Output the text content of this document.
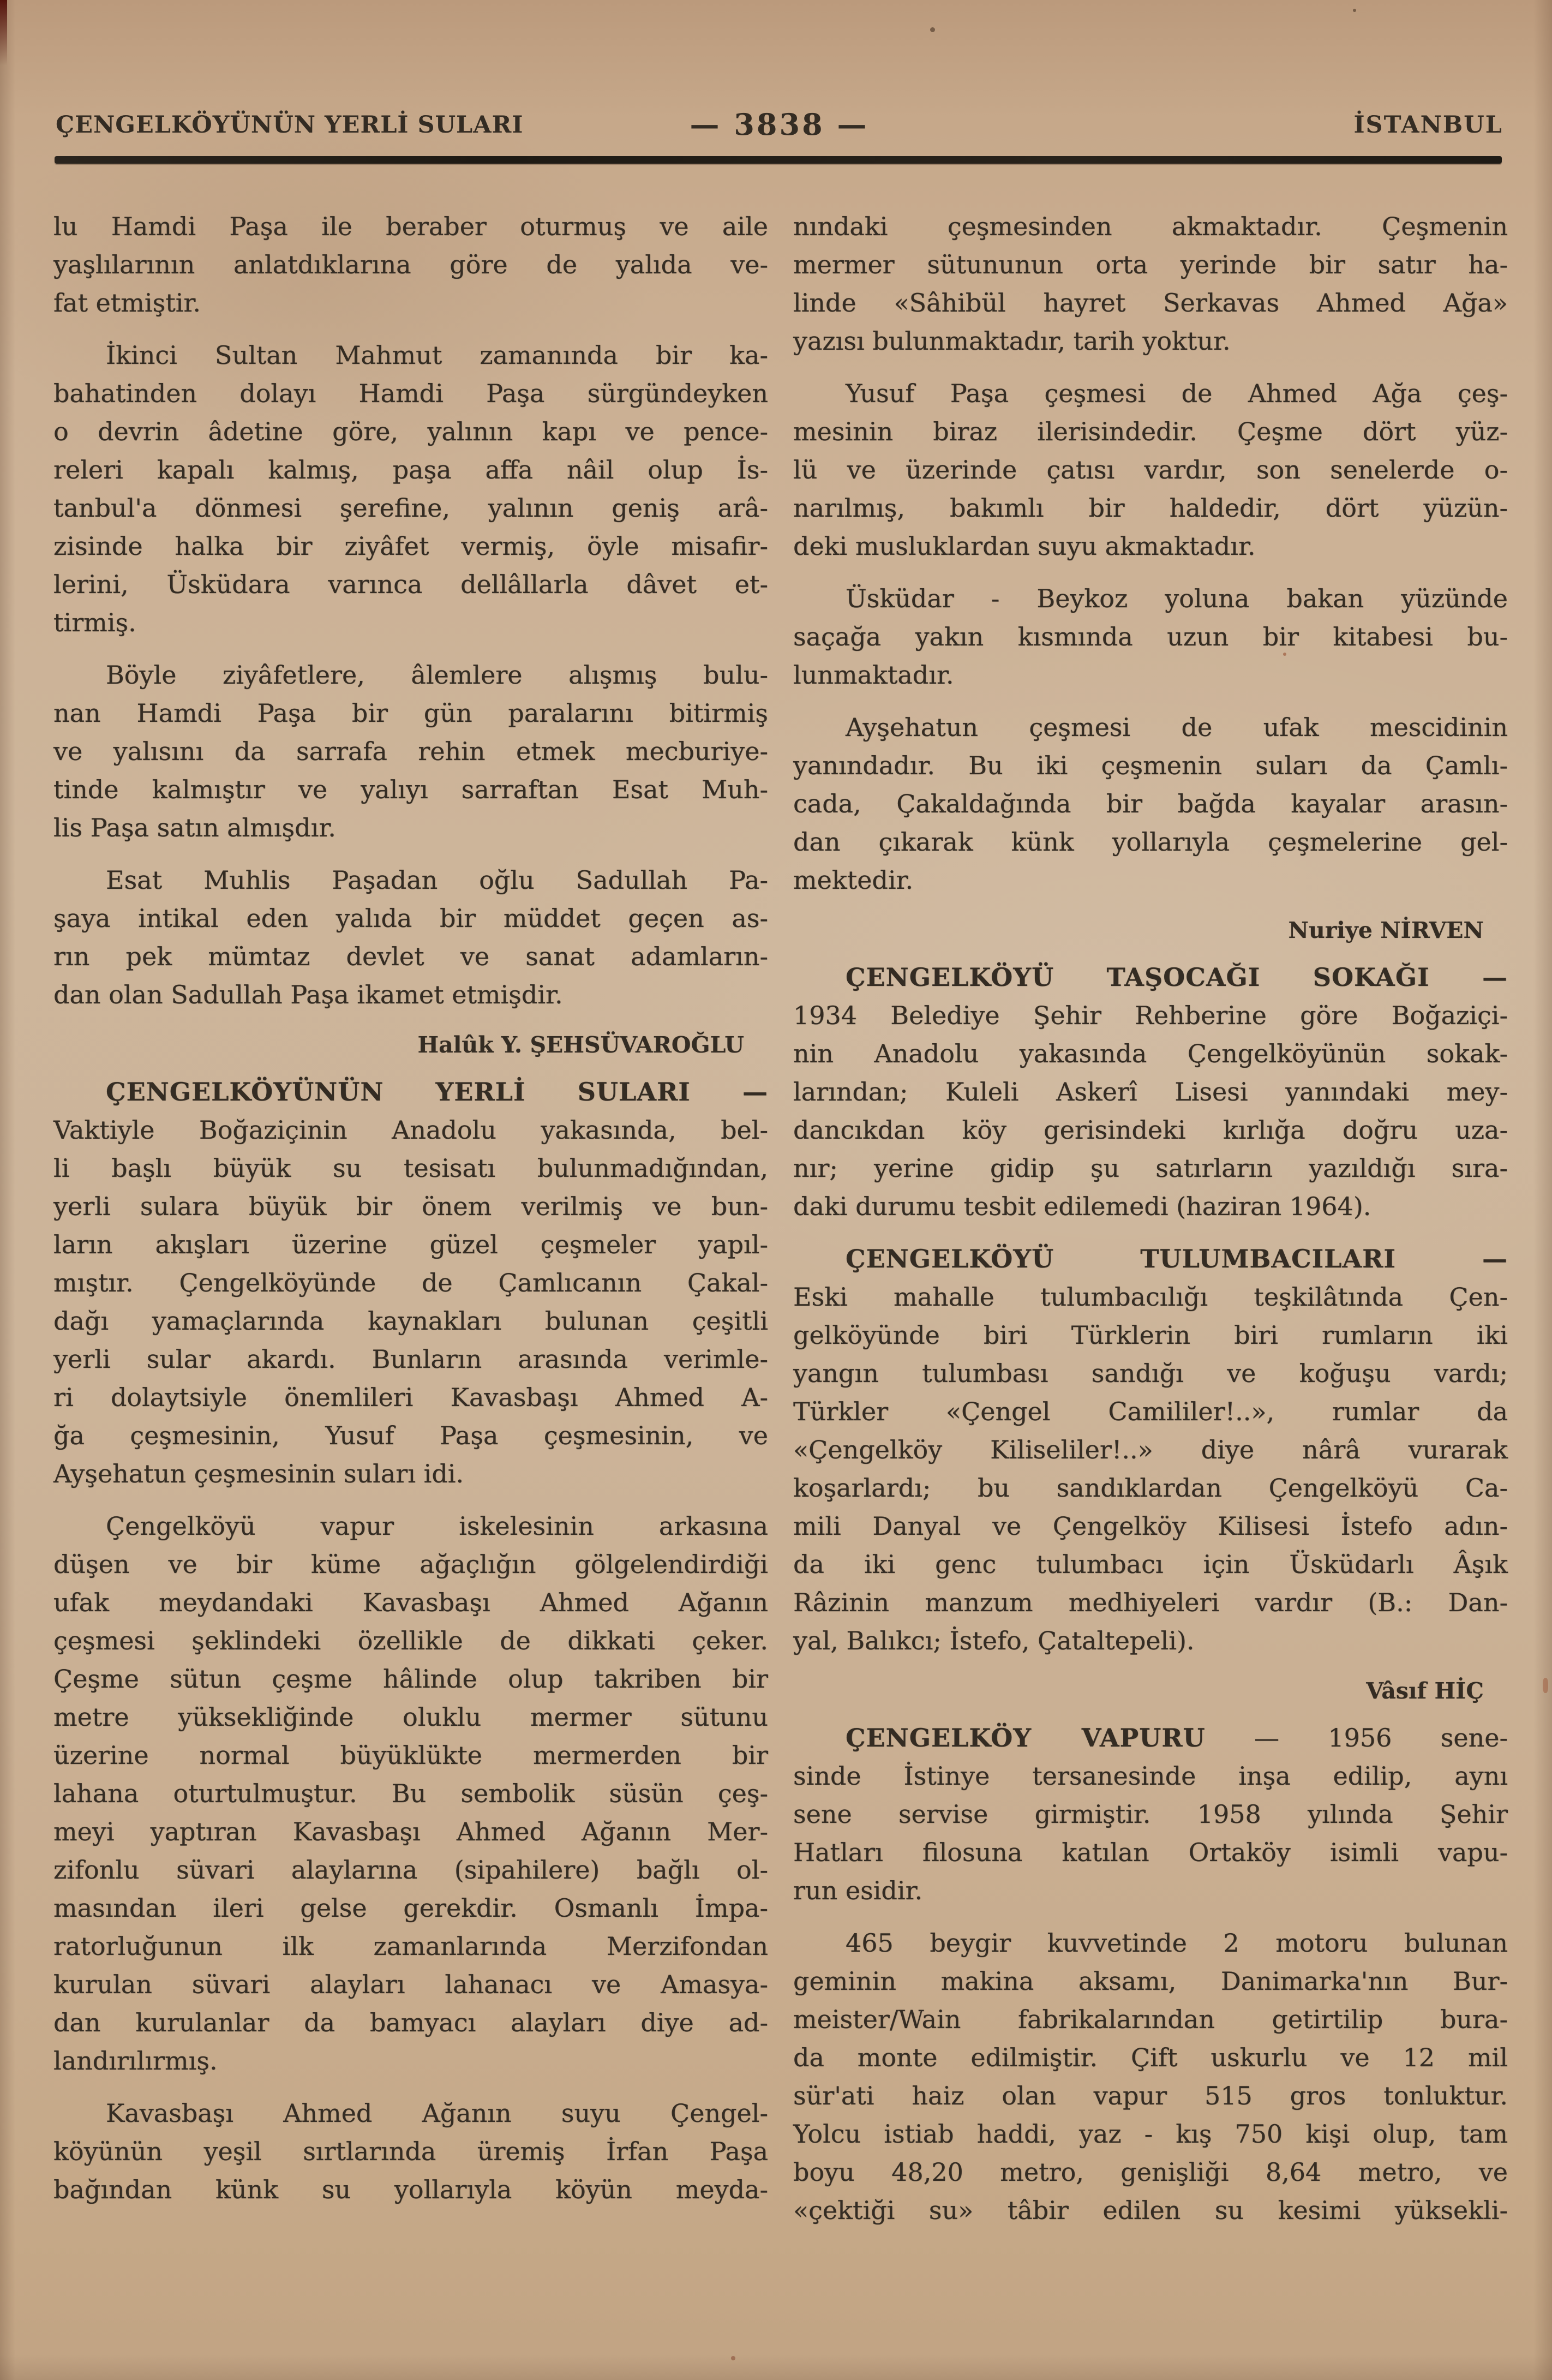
ÇENGELKÖYÜNÜN YERLİ SULARI	— 3838 —	İSTANBUL
lu Hamdi Paşa ile beraber oturmuş ve aile
yaşlılarının anlatdıklarına göre de yalıda ve-
fat etmiştir.
İkinci Sultan Mahmut zamanında bir ka-
bahatinden dolayı Hamdi Paşa sürgündeyken
o devrin âdetine göre, yalının kapı ve pence-
releri kapalı kalmış, paşa affa nâil olup İs-
tanbul'a dönmesi şerefine, yalının geniş arâ-
zisinde halka bir ziyâfet vermiş, öyle misafir-
lerini, Üsküdara varınca dellâllarla dâvet et-
tirmiş.
Böyle ziyâfetlere, âlemlere alışmış bulu-
nan Hamdi Paşa bir gün paralarını bitirmiş
ve yalısını da sarrafa rehin etmek mecburiye-
tinde kalmıştır ve yalıyı sarraftan Esat Muh-
lis Paşa satın almışdır.
Esat Muhlis Paşadan oğlu Sadullah Pa-
şaya intikal eden yalıda bir müddet geçen as-
rın pek mümtaz devlet ve sanat adamların-
dan olan Sadullah Paşa ikamet etmişdir.
Halûk Y. ŞEHSÜVAROĞLU
ÇENGELKÖYÜNÜN YERLİ SULARI —
Vaktiyle Boğaziçinin Anadolu yakasında, bel-
li başlı büyük su tesisatı bulunmadığından,
yerli sulara büyük bir önem verilmiş ve bun-
ların akışları üzerine güzel çeşmeler yapıl-
mıştır. Çengelköyünde de Çamlıcanın Çakal-
dağı yamaçlarında kaynakları bulunan çeşitli
yerli sular akardı. Bunların arasında verimle-
ri dolaytsiyle önemlileri Kavasbaşı Ahmed A-
ğa çeşmesinin, Yusuf Paşa çeşmesinin, ve
Ayşehatun çeşmesinin suları idi.
Çengelköyü vapur iskelesinin arkasına
düşen ve bir küme ağaçlığın gölgelendirdiği
ufak meydandaki Kavasbaşı Ahmed Ağanın
çeşmesi şeklindeki özellikle de dikkati çeker.
Çeşme sütun çeşme hâlinde olup takriben bir
metre yüksekliğinde oluklu mermer sütunu
üzerine normal büyüklükte mermerden bir
lahana oturtulmuştur. Bu sembolik süsün çeş-
meyi yaptıran Kavasbaşı Ahmed Ağanın Mer-
zifonlu süvari alaylarına (sipahilere) bağlı ol-
masından ileri gelse gerekdir. Osmanlı İmpa-
ratorluğunun ilk zamanlarında Merzifondan
kurulan süvari alayları lahanacı ve Amasya-
dan kurulanlar da bamyacı alayları diye ad-
landırılırmış.
Kavasbaşı Ahmed Ağanın suyu Çengel-
köyünün yeşil sırtlarında üremiş İrfan Paşa
bağından künk su yollarıyla köyün meyda-
nındaki çeşmesinden akmaktadır. Çeşmenin
mermer sütununun orta yerinde bir satır ha-
linde «Sâhibül hayret Serkavas Ahmed Ağa»
yazısı bulunmaktadır, tarih yoktur.
Yusuf Paşa çeşmesi de Ahmed Ağa çeş-
mesinin biraz ilerisindedir. Çeşme dört yüz-
lü ve üzerinde çatısı vardır, son senelerde o-
narılmış, bakımlı bir haldedir, dört yüzün-
deki musluklardan suyu akmaktadır.
Üsküdar - Beykoz yoluna bakan yüzünde
saçağa yakın kısmında uzun bir kitabesi bu-
lunmaktadır.
Ayşehatun çeşmesi de ufak mescidinin
yanındadır. Bu iki çeşmenin suları da Çamlı-
cada, Çakaldağında bir bağda kayalar arasın-
dan çıkarak künk yollarıyla çeşmelerine gel-
mektedir.
Nuriye NİRVEN
ÇENGELKÖYÜ TAŞOCAĞI SOKAĞI —
1934 Belediye Şehir Rehberine göre Boğaziçi-
nin Anadolu yakasında Çengelköyünün sokak-
larından; Kuleli Askerî Lisesi yanındaki mey-
dancıkdan köy gerisindeki kırlığa doğru uza-
nır; yerine gidip şu satırların yazıldığı sıra-
daki durumu tesbit edilemedi (haziran 1964).
ÇENGELKÖYÜ TULUMBACILARI —
Eski mahalle tulumbacılığı teşkilâtında Çen-
gelköyünde biri Türklerin biri rumların iki
yangın tulumbası sandığı ve koğuşu vardı;
Türkler «Çengel Camililer!..», rumlar da
«Çengelköy Kiliseliler!..» diye nârâ vurarak
koşarlardı; bu sandıklardan Çengelköyü Ca-
mili Danyal ve Çengelköy Kilisesi İstefo adın-
da iki genc tulumbacı için Üsküdarlı Âşık
Râzinin manzum medhiyeleri vardır (B.: Dan-
yal, Balıkcı; İstefo, Çataltepeli).
Vâsıf HİÇ
ÇENGELKÖY VAPURU — 1956 sene-
sinde İstinye tersanesinde inşa edilip, aynı
sene servise girmiştir. 1958 yılında Şehir
Hatları filosuna katılan Ortaköy isimli vapu-
run esidir.
465 beygir kuvvetinde 2 motoru bulunan
geminin makina aksamı, Danimarka'nın Bur-
meister/Wain fabrikalarından getirtilip bura-
da monte edilmiştir. Çift uskurlu ve 12 mil
sür'ati haiz olan vapur 515 gros tonluktur.
Yolcu istiab haddi, yaz - kış 750 kişi olup, tam
boyu 48,20 metro, genişliği 8,64 metro, ve
«çektiği su» tâbir edilen su kesimi yüksekli-
